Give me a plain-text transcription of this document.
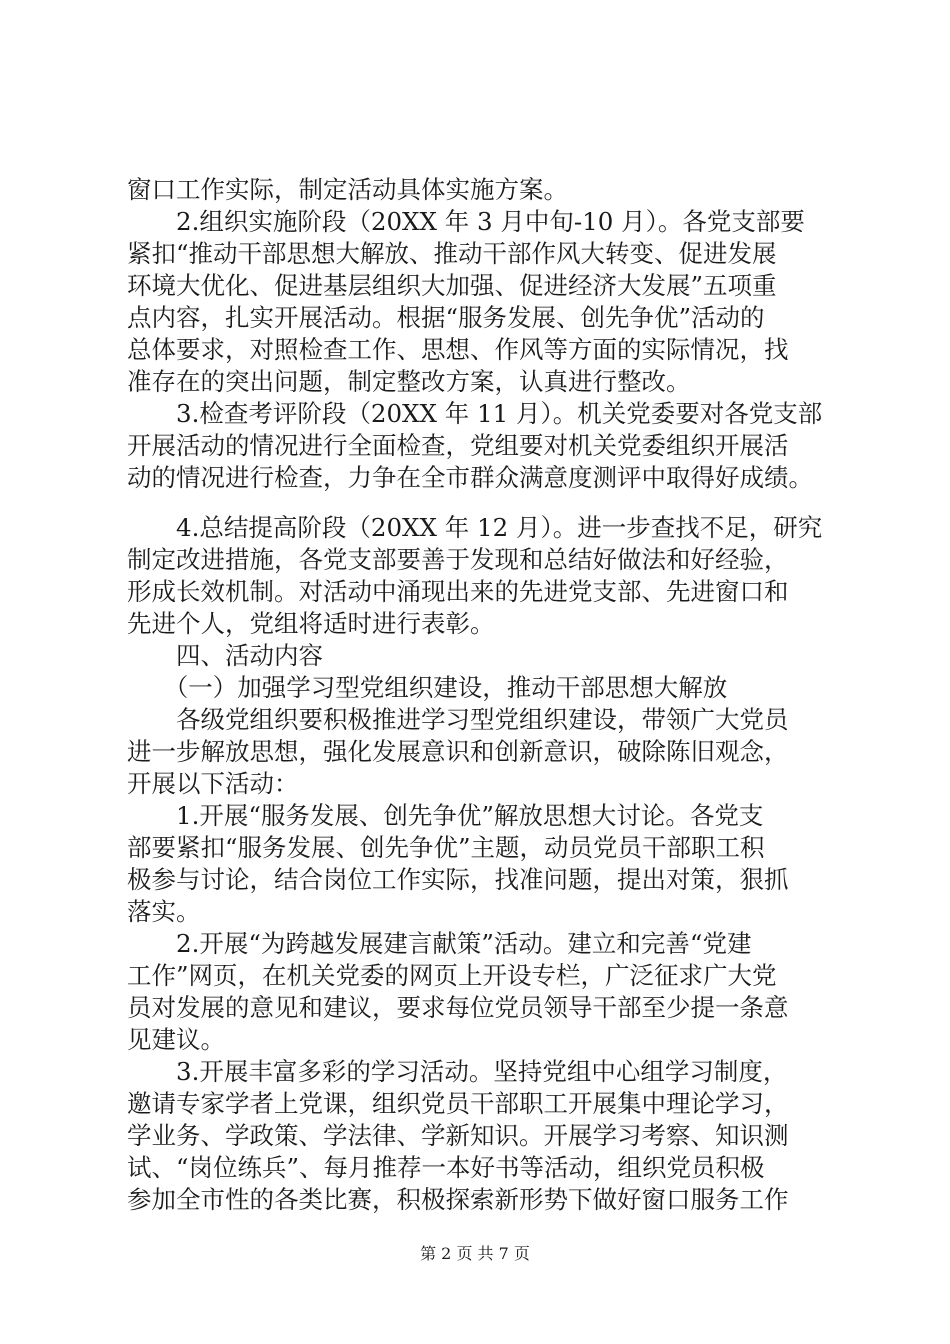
窗口工作实际，制定活动具体实施方案。
　　2.组织实施阶段（20XX 年 3 月中旬-10 月）。各党支部要
紧扣“推动干部思想大解放、推动干部作风大转变、促进发展
环境大优化、促进基层组织大加强、促进经济大发展”五项重
点内容，扎实开展活动。根据“服务发展、创先争优”活动的
总体要求，对照检查工作、思想、作风等方面的实际情况，找
准存在的突出问题，制定整改方案，认真进行整改。
　　3.检查考评阶段（20XX 年 11 月）。机关党委要对各党支部
开展活动的情况进行全面检查，党组要对机关党委组织开展活
动的情况进行检查，力争在全市群众满意度测评中取得好成绩。
　　4.总结提高阶段（20XX 年 12 月）。进一步查找不足，研究
制定改进措施，各党支部要善于发现和总结好做法和好经验，
形成长效机制。对活动中涌现出来的先进党支部、先进窗口和
先进个人，党组将适时进行表彰。
　　四、活动内容
　　（一）加强学习型党组织建设，推动干部思想大解放
　　各级党组织要积极推进学习型党组织建设，带领广大党员
进一步解放思想，强化发展意识和创新意识，破除陈旧观念，
开展以下活动：
　　1.开展“服务发展、创先争优”解放思想大讨论。各党支
部要紧扣“服务发展、创先争优”主题，动员党员干部职工积
极参与讨论，结合岗位工作实际，找准问题，提出对策，狠抓
落实。
　　2.开展“为跨越发展建言献策”活动。建立和完善“党建
工作”网页，在机关党委的网页上开设专栏，广泛征求广大党
员对发展的意见和建议，要求每位党员领导干部至少提一条意
见建议。
　　3.开展丰富多彩的学习活动。坚持党组中心组学习制度，
邀请专家学者上党课，组织党员干部职工开展集中理论学习，
学业务、学政策、学法律、学新知识。开展学习考察、知识测
试、“岗位练兵”、每月推荐一本好书等活动，组织党员积极
参加全市性的各类比赛，积极探索新形势下做好窗口服务工作
第 2 页 共 7 页
